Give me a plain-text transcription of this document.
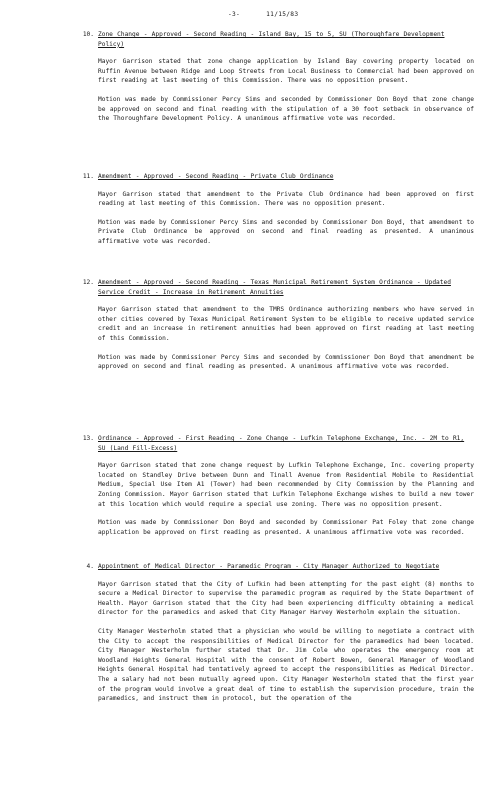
-3-	11/15/83
10. Zone Change - Approved - Second Reading - Island Bay, 15 to 5, SU (Thoroughfare Development Policy)
Mayor Garrison stated that zone change application by Island Bay covering property located on Ruffin Avenue between Ridge and Loop Streets from Local Business to Commercial had been approved on first reading at last meeting of this Commission. There was no opposition present.
Motion was made by Commissioner Percy Sims and seconded by Commissioner Don Boyd that zone change be approved on second and final reading with the stipulation of a 30 foot setback in observance of the Thoroughfare Development Policy. A unanimous affirmative vote was recorded.
11. Amendment - Approved - Second Reading - Private Club Ordinance
Mayor Garrison stated that amendment to the Private Club Ordinance had been approved on first reading at last meeting of this Commission. There was no opposition present.
Motion was made by Commissioner Percy Sims and seconded by Commissioner Don Boyd, that amendment to Private Club Ordinance be approved on second and final reading as presented. A unanimous affirmative vote was recorded.
12. Amendment - Approved - Second Reading - Texas Municipal Retirement System Ordinance - Updated Service Credit - Increase in Retirement Annuities
Mayor Garrison stated that amendment to the TMRS Ordinance authorizing members who have served in other cities covered by Texas Municipal Retirement System to be eligible to receive updated service credit and an increase in retirement annuities had been approved on first reading at last meeting of this Commission.
Motion was made by Commissioner Percy Sims and seconded by Commissioner Don Boyd that amendment be approved on second and final reading as presented. A unanimous affirmative vote was recorded.
13. Ordinance - Approved - First Reading - Zone Change - Lufkin Telephone Exchange, Inc. - 2M to R1, SU (Land Fill-Excess)
Mayor Garrison stated that zone change request by Lufkin Telephone Exchange, Inc. covering property located on Standley Drive between Dunn and Tinall Avenue from Residential Mobile to Residential Medium, Special Use Item A1 (Tower) had been recommended by City Commission by the Planning and Zoning Commission. Mayor Garrison stated that Lufkin Telephone Exchange wishes to build a new tower at this location which would require a special use zoning. There was no opposition present.
Motion was made by Commissioner Don Boyd and seconded by Commissioner Pat Foley that zone change application be approved on first reading as presented. A unanimous affirmative vote was recorded.
4. Appointment of Medical Director - Paramedic Program - City Manager Authorized to Negotiate
Mayor Garrison stated that the City of Lufkin had been attempting for the past eight (8) months to secure a Medical Director to supervise the paramedic program as required by the State Department of Health. Mayor Garrison stated that the City had been experiencing difficulty obtaining a medical director for the paramedics and asked that City Manager Harvey Westerholm explain the situation.
City Manager Westerholm stated that a physician who would be willing to negotiate a contract with the City to accept the responsibilities of Medical Director for the paramedics had been located. City Manager Westerholm further stated that Dr. Jim Cole who operates the emergency room at Woodland Heights General Hospital with the consent of Robert Bowen, General Manager of Woodland Heights General Hospital had tentatively agreed to accept the responsibilities as Medical Director. The a salary had not been mutually agreed upon. City Manager Westerholm stated that the first year of the program would involve a great deal of time to establish the supervision procedure, train the paramedics, and instruct them in protocol, but the operation of the
